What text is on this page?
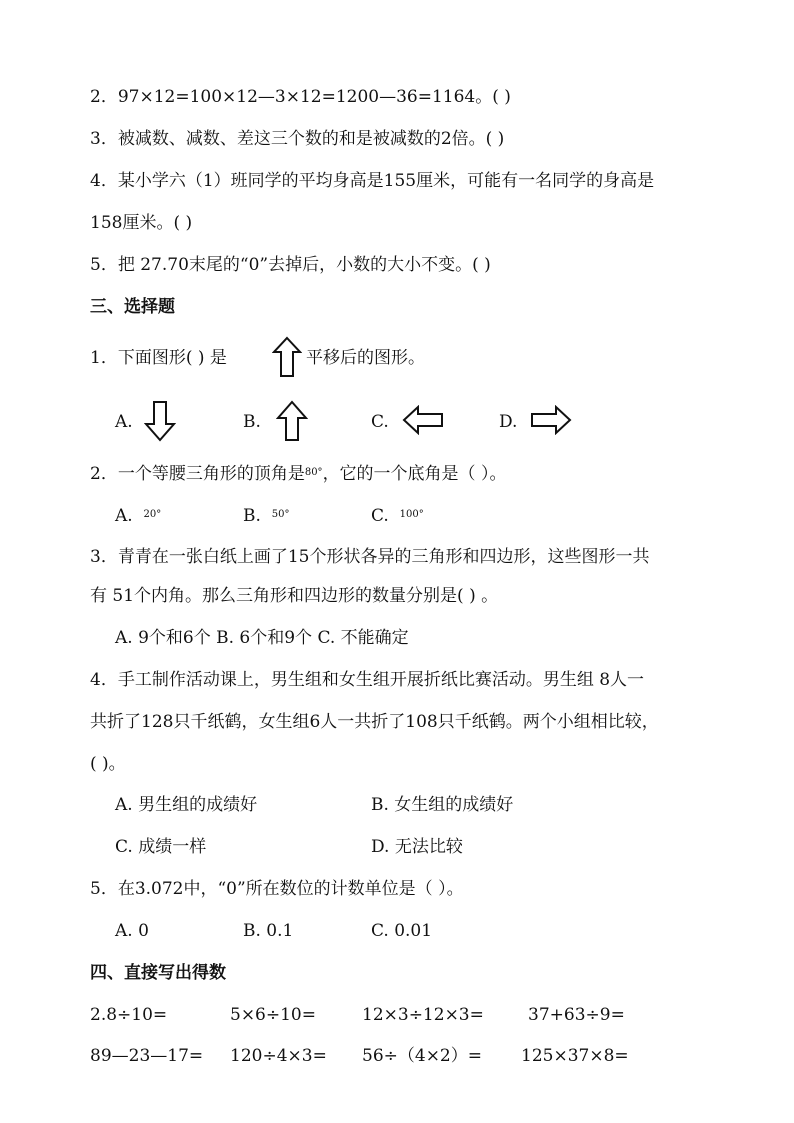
2．97×12=100×12—3×12=1200—36=1164。( )
3．被减数、减数、差这三个数的和是被减数的2倍。( )
4．某小学六（1）班同学的平均身高是155厘米，可能有一名同学的身高是
158厘米。( )
5．把 27.70末尾的“0”去掉后，小数的大小不变。( )
三、选择题
1．下面图形( ) 是	平移后的图形。
A.	B.	C.	D.
2．一个等腰三角形的顶角是$^{80^\circ}$，它的一个底角是（ ）。
A. $^{20^\circ}$	B. $^{50^\circ}$	C. $^{100^\circ}$
3．青青在一张白纸上画了15个形状各异的三角形和四边形，这些图形一共
有 51个内角。那么三角形和四边形的数量分别是( ) 。
A. 9个和6个 B. 6个和9个 C. 不能确定
4．手工制作活动课上，男生组和女生组开展折纸比赛活动。男生组 8人一
共折了128只千纸鹤，女生组6人一共折了108只千纸鹤。两个小组相比较，
( )。
A. 男生组的成绩好	B. 女生组的成绩好
C. 成绩一样	D. 无法比较
5．在3.072中，“0”所在数位的计数单位是（ ）。
A. 0	B. 0.1	C. 0.01
四、直接写出得数
2.8÷10=	5×6÷10=	12×3÷12×3=	37+63÷9=
89—23—17= 120÷4×3= 56÷（4×2）= 125×37×8=
